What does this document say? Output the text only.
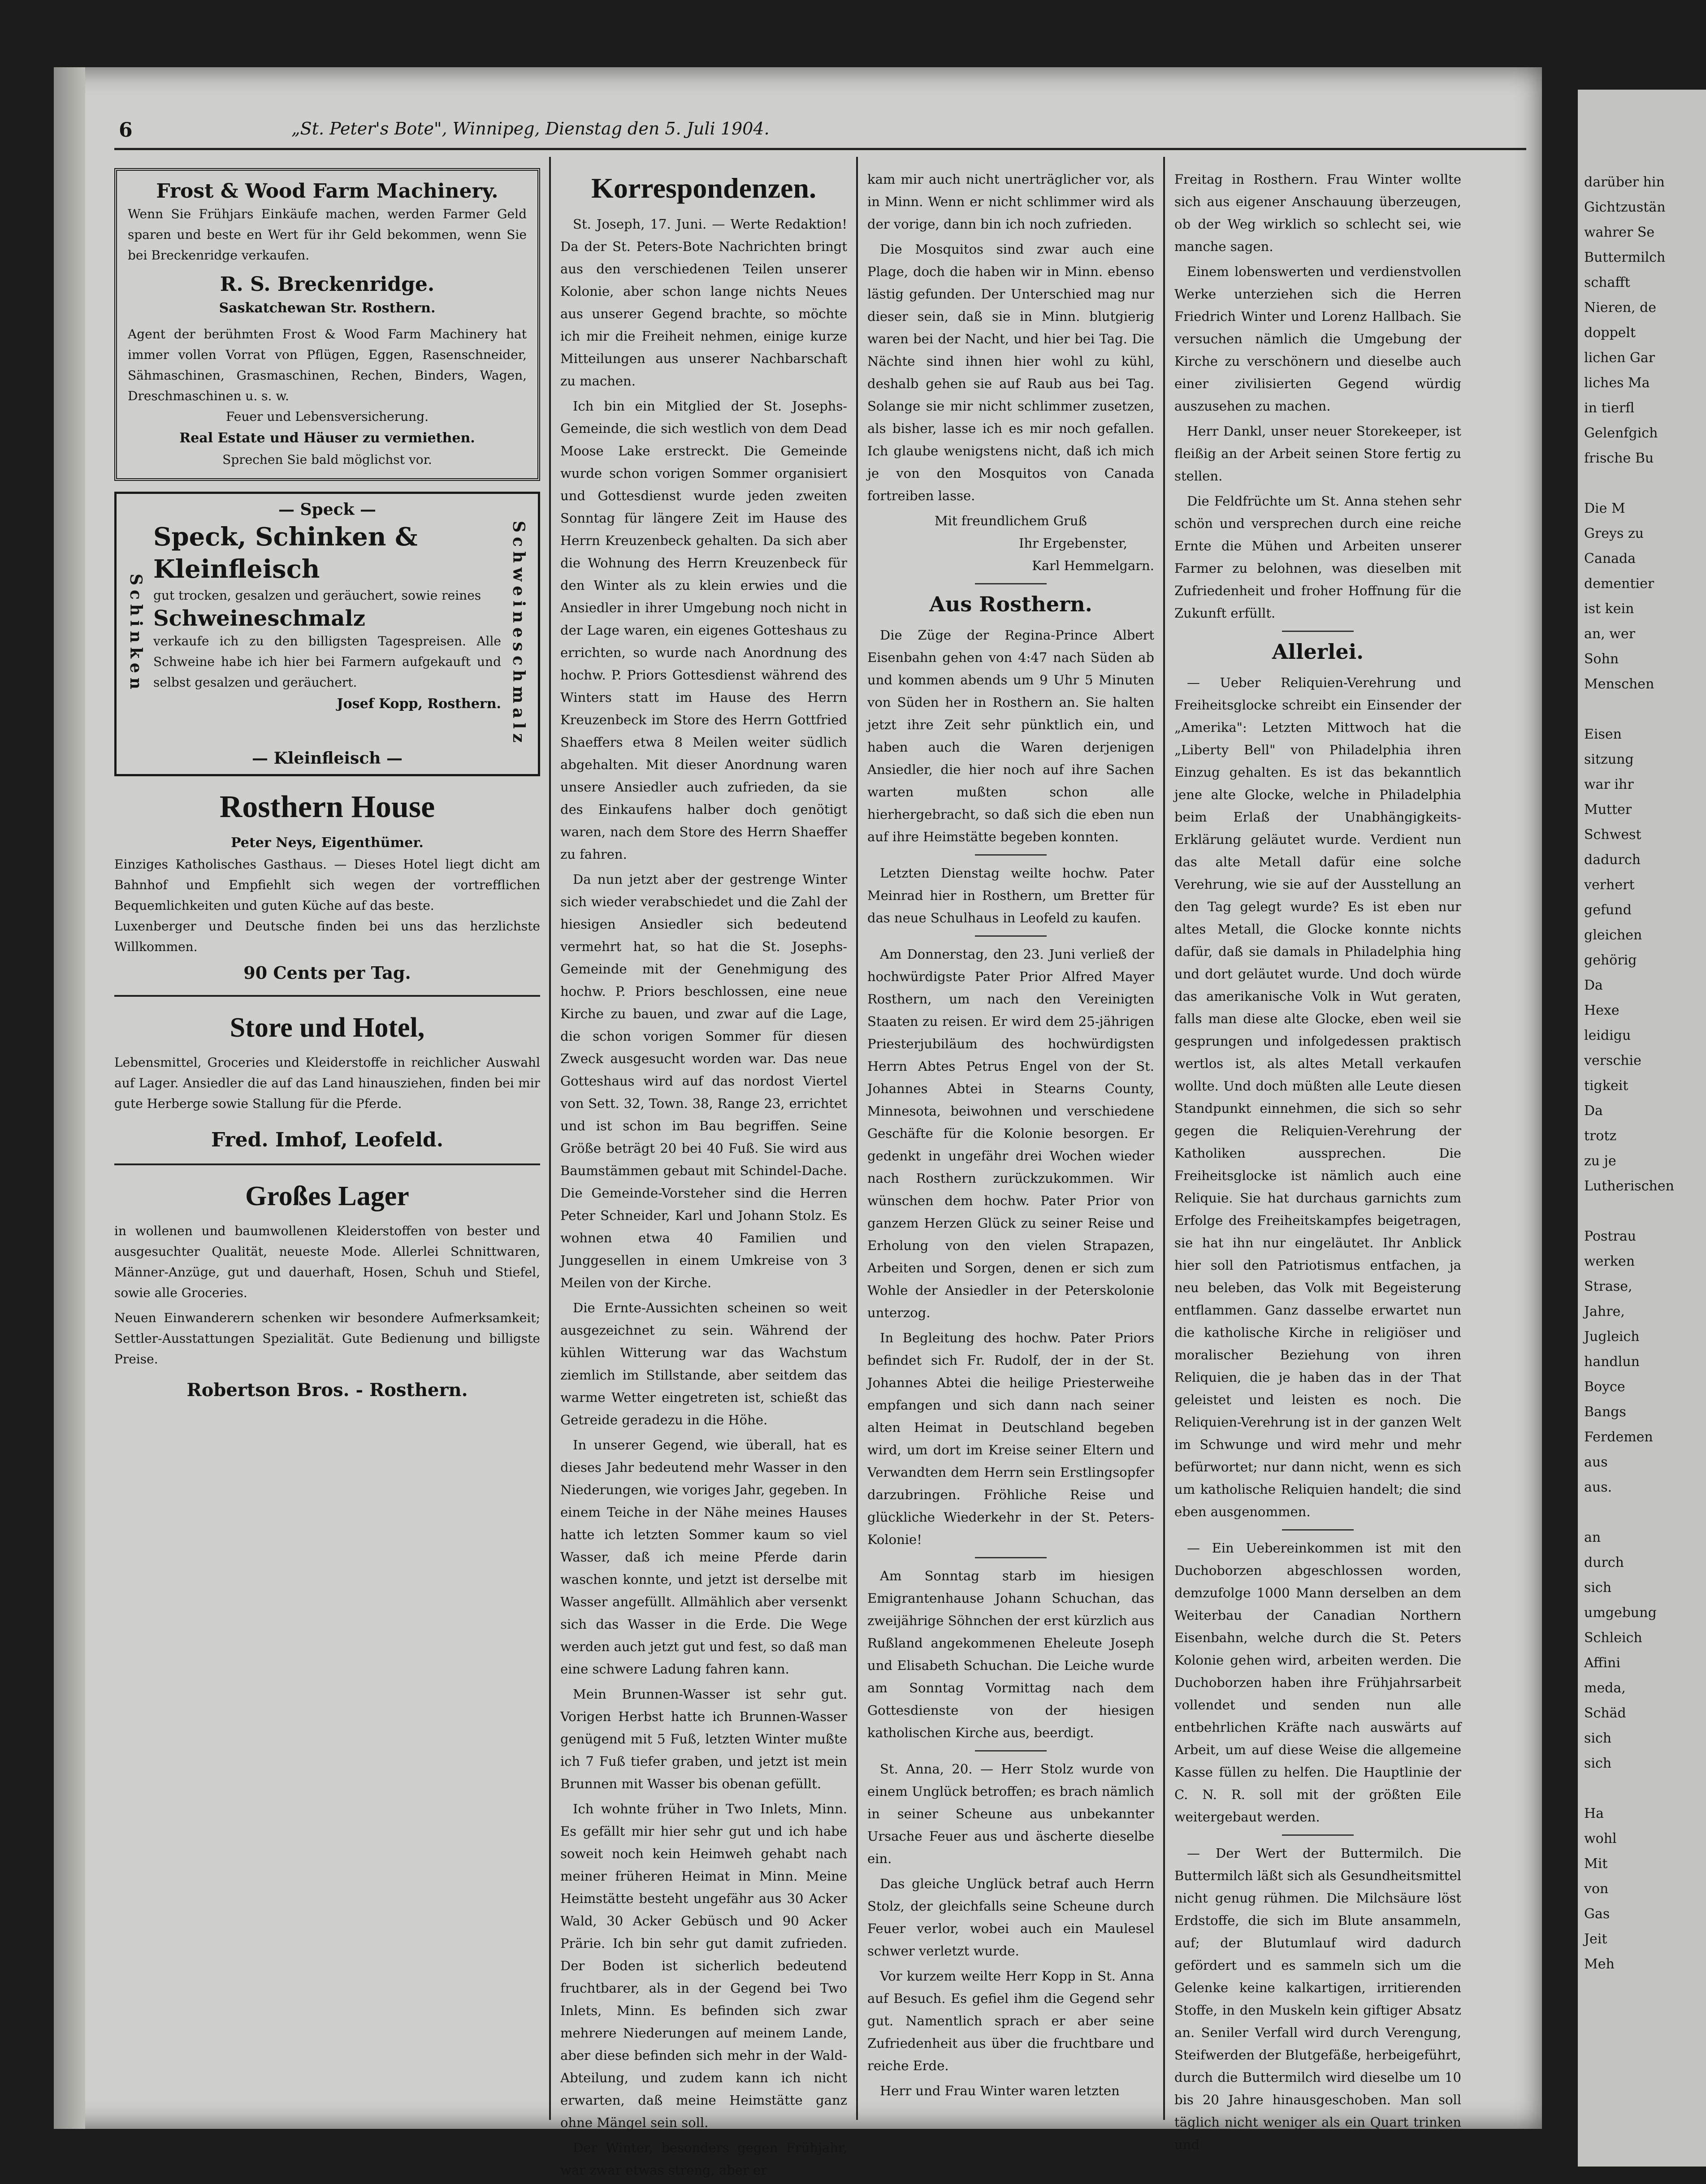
6	„St. Peter's Bote", Winnipeg, Dienstag den 5. Juli 1904.
Frost & Wood Farm Machinery.
Wenn Sie Frühjars Einkäufe machen, werden Farmer Geld sparen und beste en Wert für ihr Geld bekommen, wenn Sie bei Breckenridge verkaufen.
R. S. Breckenridge.
Saskatchewan Str. Rosthern.
Agent der berühmten Frost & Wood Farm Machinery hat immer vollen Vorrat von Pflügen, Eggen, Rasenschneider, Sähmaschinen, Grasmaschinen, Rechen, Binders, Wagen, Dreschmaschinen u. s. w.
Feuer und Lebensversicherung.
Real Estate und Häuser zu vermiethen.
Sprechen Sie bald möglichst vor.
— Speck —
Schinken
Speck, Schinken & Kleinfleisch
gut trocken, gesalzen und geräuchert, sowie reines
Schweineschmalz
verkaufe ich zu den billigsten Tagespreisen. Alle Schweine habe ich hier bei Farmern aufgekauft und selbst gesalzen und geräuchert.
Josef Kopp, Rosthern. Schweineschmalz
— Kleinfleisch —
Rosthern House
Peter Neys, Eigenthümer.
Einziges Katholisches Gasthaus. — Dieses Hotel liegt dicht am Bahnhof und Empfiehlt sich wegen der vortrefflichen Bequemlichkeiten und guten Küche auf das beste.
Luxenberger und Deutsche finden bei uns das herzlichste Willkommen.
90 Cents per Tag.
Store und Hotel,
Lebensmittel, Groceries und Kleiderstoffe in reichlicher Auswahl auf Lager. Ansiedler die auf das Land hinausziehen, finden bei mir gute Herberge sowie Stallung für die Pferde.
Fred. Imhof, Leofeld.
Großes Lager
in wollenen und baumwollenen Kleiderstoffen von bester und ausgesuchter Qualität, neueste Mode. Allerlei Schnittwaren, Männer-Anzüge, gut und dauerhaft, Hosen, Schuh und Stiefel, sowie alle Groceries.
Neuen Einwanderern schenken wir besondere Aufmerksamkeit; Settler-Ausstattungen Spezialität. Gute Bedienung und billigste Preise.
Robertson Bros. - Rosthern.
Korrespondenzen.

St. Joseph, 17. Juni. — Werte Redaktion! Da der St. Peters-Bote Nachrichten bringt aus den verschiedenen Teilen unserer Kolonie, aber schon lange nichts Neues aus unserer Gegend brachte, so möchte ich mir die Freiheit nehmen, einige kurze Mitteilungen aus unserer Nachbarschaft zu machen.

Ich bin ein Mitglied der St. Josephs-Gemeinde, die sich westlich von dem Dead Moose Lake erstreckt. Die Gemeinde wurde schon vorigen Sommer organisiert und Gottesdienst wurde jeden zweiten Sonntag für längere Zeit im Hause des Herrn Kreuzenbeck gehalten. Da sich aber die Wohnung des Herrn Kreuzenbeck für den Winter als zu klein erwies und die Ansiedler in ihrer Umgebung noch nicht in der Lage waren, ein eigenes Gotteshaus zu errichten, so wurde nach Anordnung des hochw. P. Priors Gottesdienst während des Winters statt im Hause des Herrn Kreuzenbeck im Store des Herrn Gottfried Shaeffers etwa 8 Meilen weiter südlich abgehalten. Mit dieser Anordnung waren unsere Ansiedler auch zufrieden, da sie des Einkaufens halber doch genötigt waren, nach dem Store des Herrn Shaeffer zu fahren.

Da nun jetzt aber der gestrenge Winter sich wieder verabschiedet und die Zahl der hiesigen Ansiedler sich bedeutend vermehrt hat, so hat die St. Josephs-Gemeinde mit der Genehmigung des hochw. P. Priors beschlossen, eine neue Kirche zu bauen, und zwar auf die Lage, die schon vorigen Sommer für diesen Zweck ausgesucht worden war. Das neue Gotteshaus wird auf das nordost Viertel von Sett. 32, Town. 38, Range 23, errichtet und ist schon im Bau begriffen. Seine Größe beträgt 20 bei 40 Fuß. Sie wird aus Baumstämmen gebaut mit Schindel-Dache. Die Gemeinde-Vorsteher sind die Herren Peter Schneider, Karl und Johann Stolz. Es wohnen etwa 40 Familien und Junggesellen in einem Umkreise von 3 Meilen von der Kirche.

Die Ernte-Aussichten scheinen so weit ausgezeichnet zu sein. Während der kühlen Witterung war das Wachstum ziemlich im Stillstande, aber seitdem das warme Wetter eingetreten ist, schießt das Getreide geradezu in die Höhe.

In unserer Gegend, wie überall, hat es dieses Jahr bedeutend mehr Wasser in den Niederungen, wie voriges Jahr, gegeben. In einem Teiche in der Nähe meines Hauses hatte ich letzten Sommer kaum so viel Wasser, daß ich meine Pferde darin waschen konnte, und jetzt ist derselbe mit Wasser angefüllt. Allmählich aber versenkt sich das Wasser in die Erde. Die Wege werden auch jetzt gut und fest, so daß man eine schwere Ladung fahren kann.

Mein Brunnen-Wasser ist sehr gut. Vorigen Herbst hatte ich Brunnen-Wasser genügend mit 5 Fuß, letzten Winter mußte ich 7 Fuß tiefer graben, und jetzt ist mein Brunnen mit Wasser bis obenan gefüllt.

Ich wohnte früher in Two Inlets, Minn. Es gefällt mir hier sehr gut und ich habe soweit noch kein Heimweh gehabt nach meiner früheren Heimat in Minn. Meine Heimstätte besteht ungefähr aus 30 Acker Wald, 30 Acker Gebüsch und 90 Acker Prärie. Ich bin sehr gut damit zufrieden. Der Boden ist sicherlich bedeutend fruchtbarer, als in der Gegend bei Two Inlets, Minn. Es befinden sich zwar mehrere Niederungen auf meinem Lande, aber diese befinden sich mehr in der Wald-Abteilung, und zudem kann ich nicht erwarten, daß meine Heimstätte ganz ohne Mängel sein soll.

Der Winter, besonders gegen Frühjahr, war zwar etwas streng, aber er

kam mir auch nicht unerträglicher vor, als in Minn. Wenn er nicht schlimmer wird als der vorige, dann bin ich noch zufrieden.

Die Mosquitos sind zwar auch eine Plage, doch die haben wir in Minn. ebenso lästig gefunden. Der Unterschied mag nur dieser sein, daß sie in Minn. blutgierig waren bei der Nacht, und hier bei Tag. Die Nächte sind ihnen hier wohl zu kühl, deshalb gehen sie auf Raub aus bei Tag. Solange sie mir nicht schlimmer zusetzen, als bisher, lasse ich es mir noch gefallen. Ich glaube wenigstens nicht, daß ich mich je von den Mosquitos von Canada fortreiben lasse.

Mit freundlichem Gruß
Ihr Ergebenster,
Karl Hemmelgarn.
Aus Rosthern.

Die Züge der Regina-Prince Albert Eisenbahn gehen von 4:47 nach Süden ab und kommen abends um 9 Uhr 5 Minuten von Süden her in Rosthern an. Sie halten jetzt ihre Zeit sehr pünktlich ein, und haben auch die Waren derjenigen Ansiedler, die hier noch auf ihre Sachen warten mußten schon alle hierhergebracht, so daß sich die eben nun auf ihre Heimstätte begeben konnten.

Letzten Dienstag weilte hochw. Pater Meinrad hier in Rosthern, um Bretter für das neue Schulhaus in Leofeld zu kaufen.

Am Donnerstag, den 23. Juni verließ der hochwürdigste Pater Prior Alfred Mayer Rosthern, um nach den Vereinigten Staaten zu reisen. Er wird dem 25-jährigen Priesterjubiläum des hochwürdigsten Herrn Abtes Petrus Engel von der St. Johannes Abtei in Stearns County, Minnesota, beiwohnen und verschiedene Geschäfte für die Kolonie besorgen. Er gedenkt in ungefähr drei Wochen wieder nach Rosthern zurückzukommen. Wir wünschen dem hochw. Pater Prior von ganzem Herzen Glück zu seiner Reise und Erholung von den vielen Strapazen, Arbeiten und Sorgen, denen er sich zum Wohle der Ansiedler in der Peterskolonie unterzog.

In Begleitung des hochw. Pater Priors befindet sich Fr. Rudolf, der in der St. Johannes Abtei die heilige Priesterweihe empfangen und sich dann nach seiner alten Heimat in Deutschland begeben wird, um dort im Kreise seiner Eltern und Verwandten dem Herrn sein Erstlingsopfer darzubringen. Fröhliche Reise und glückliche Wiederkehr in der St. Peters-Kolonie!

Am Sonntag starb im hiesigen Emigrantenhause Johann Schuchan, das zweijährige Söhnchen der erst kürzlich aus Rußland angekommenen Eheleute Joseph und Elisabeth Schuchan. Die Leiche wurde am Sonntag Vormittag nach dem Gottesdienste von der hiesigen katholischen Kirche aus, beerdigt.

St. Anna, 20. — Herr Stolz wurde von einem Unglück betroffen; es brach nämlich in seiner Scheune aus unbekannter Ursache Feuer aus und äscherte dieselbe ein.

Das gleiche Unglück betraf auch Herrn Stolz, der gleichfalls seine Scheune durch Feuer verlor, wobei auch ein Maulesel schwer verletzt wurde.

Vor kurzem weilte Herr Kopp in St. Anna auf Besuch. Es gefiel ihm die Gegend sehr gut. Namentlich sprach er aber seine Zufriedenheit aus über die fruchtbare und reiche Erde.

Herr und Frau Winter waren letzten

Freitag in Rosthern. Frau Winter wollte sich aus eigener Anschauung überzeugen, ob der Weg wirklich so schlecht sei, wie manche sagen.

Einem lobenswerten und verdienstvollen Werke unterziehen sich die Herren Friedrich Winter und Lorenz Hallbach. Sie versuchen nämlich die Umgebung der Kirche zu verschönern und dieselbe auch einer zivilisierten Gegend würdig auszusehen zu machen.

Herr Dankl, unser neuer Storekeeper, ist fleißig an der Arbeit seinen Store fertig zu stellen.

Die Feldfrüchte um St. Anna stehen sehr schön und versprechen durch eine reiche Ernte die Mühen und Arbeiten unserer Farmer zu belohnen, was dieselben mit Zufriedenheit und froher Hoffnung für die Zukunft erfüllt.

Allerlei.

— Ueber Reliquien-Verehrung und Freiheitsglocke schreibt ein Einsender der „Amerika": Letzten Mittwoch hat die „Liberty Bell" von Philadelphia ihren Einzug gehalten. Es ist das bekanntlich jene alte Glocke, welche in Philadelphia beim Erlaß der Unabhängigkeits-Erklärung geläutet wurde. Verdient nun das alte Metall dafür eine solche Verehrung, wie sie auf der Ausstellung an den Tag gelegt wurde? Es ist eben nur altes Metall, die Glocke konnte nichts dafür, daß sie damals in Philadelphia hing und dort geläutet wurde. Und doch würde das amerikanische Volk in Wut geraten, falls man diese alte Glocke, eben weil sie gesprungen und infolgedessen praktisch wertlos ist, als altes Metall verkaufen wollte. Und doch müßten alle Leute diesen Standpunkt einnehmen, die sich so sehr gegen die Reliquien-Verehrung der Katholiken aussprechen. Die Freiheitsglocke ist nämlich auch eine Reliquie. Sie hat durchaus garnichts zum Erfolge des Freiheitskampfes beigetragen, sie hat ihn nur eingeläutet. Ihr Anblick hier soll den Patriotismus entfachen, ja neu beleben, das Volk mit Begeisterung entflammen. Ganz dasselbe erwartet nun die katholische Kirche in religiöser und moralischer Beziehung von ihren Reliquien, die je haben das in der That geleistet und leisten es noch. Die Reliquien-Verehrung ist in der ganzen Welt im Schwunge und wird mehr und mehr befürwortet; nur dann nicht, wenn es sich um katholische Reliquien handelt; die sind eben ausgenommen.

— Ein Uebereinkommen ist mit den Duchoborzen abgeschlossen worden, demzufolge 1000 Mann derselben an dem Weiterbau der Canadian Northern Eisenbahn, welche durch die St. Peters Kolonie gehen wird, arbeiten werden. Die Duchoborzen haben ihre Frühjahrsarbeit vollendet und senden nun alle entbehrlichen Kräfte nach auswärts auf Arbeit, um auf diese Weise die allgemeine Kasse füllen zu helfen. Die Hauptlinie der C. N. R. soll mit der größten Eile weitergebaut werden.

— Der Wert der Buttermilch. Die Buttermilch läßt sich als Gesundheitsmittel nicht genug rühmen. Die Milchsäure löst Erdstoffe, die sich im Blute ansammeln, auf; der Blutumlauf wird dadurch gefördert und es sammeln sich um die Gelenke keine kalkartigen, irritierenden Stoffe, in den Muskeln kein giftiger Absatz an. Seniler Verfall wird durch Verengung, Steifwerden der Blutgefäße, herbeigeführt, durch die Buttermilch wird dieselbe um 10 bis 20 Jahre hinausgeschoben. Man soll täglich nicht weniger als ein Quart trinken und

darüber hin
Gichtzustän
wahrer Se
Buttermilch
schafft
Nieren, de
doppelt
lichen Gar
liches Ma
in tierfl
Gelenfgich
frische Bu
Die M
Greys zu
Canada
dementier
ist kein
an, wer
Sohn
Menschen
Eisen
sitzung
war ihr
Mutter
Schwest
dadurch
verhert
gefund
gleichen
gehörig
Da
Hexe
leidigu
verschie
tigkeit
Da
trotz
zu je
Lutherischen
Postrau
werken
Strase,
Jahre,
Jugleich
handlun
Boyce
Bangs
Ferdemen
aus
aus.
an
durch
sich
umgebung
Schleich
Affini
meda,
Schäd
sich
sich
Ha
wohl
Mit
von
Gas
Jeit
Meh
